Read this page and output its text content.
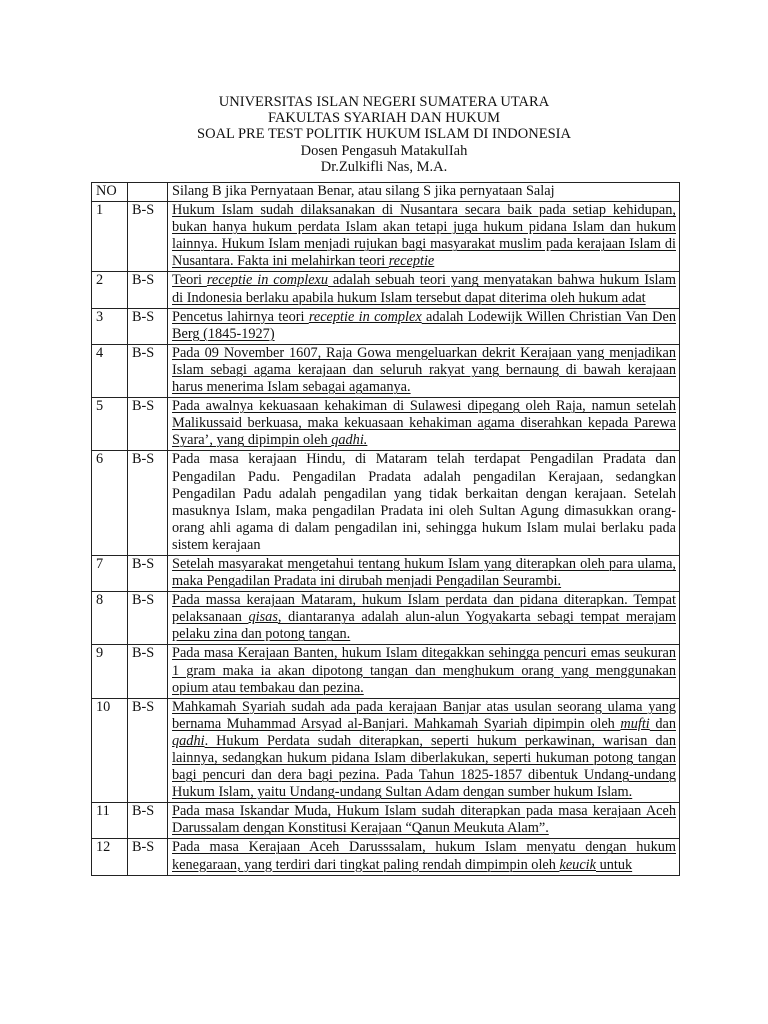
UNIVERSITAS ISLAN NEGERI SUMATERA UTARA
FAKULTAS SYARIAH DAN HUKUM
SOAL PRE TEST POLITIK HUKUM ISLAM DI INDONESIA
Dosen Pengasuh MatakulIah
Dr.Zulkifli Nas, M.A.
NO		Silang B jika Pernyataan Benar, atau silang S jika pernyataan Salaj
1	B-S	Hukum Islam sudah dilaksanakan di Nusantara secara baik pada setiap kehidupan, bukan hanya hukum perdata Islam akan tetapi juga hukum pidana Islam dan hukum lainnya. Hukum Islam menjadi rujukan bagi masyarakat muslim pada kerajaan Islam di Nusantara. Fakta ini melahirkan teori receptie
2	B-S	Teori receptie in complexu adalah sebuah teori yang menyatakan bahwa hukum Islam di Indonesia berlaku apabila hukum Islam tersebut dapat diterima oleh hukum adat
3	B-S	Pencetus lahirnya teori receptie in complex adalah Lodewijk Willen Christian Van Den Berg (1845-1927)
4	B-S	Pada 09 November 1607, Raja Gowa mengeluarkan dekrit Kerajaan yang menjadikan Islam sebagi agama kerajaan dan seluruh rakyat yang bernaung di bawah kerajaan harus menerima Islam sebagai agamanya.
5	B-S	Pada awalnya kekuasaan kehakiman di Sulawesi dipegang oleh Raja, namun setelah Malikussaid berkuasa, maka kekuasaan kehakiman agama diserahkan kepada Parewa Syara’, yang dipimpin oleh qadhi.
6	B-S	Pada masa kerajaan Hindu, di Mataram telah terdapat Pengadilan Pradata dan Pengadilan Padu. Pengadilan Pradata adalah pengadilan Kerajaan, sedangkan Pengadilan Padu adalah pengadilan yang tidak berkaitan dengan kerajaan. Setelah masuknya Islam, maka pengadilan Pradata ini oleh Sultan Agung dimasukkan orang-orang ahli agama di dalam pengadilan ini, sehingga hukum Islam mulai berlaku pada sistem kerajaan
7	B-S	Setelah masyarakat mengetahui tentang hukum Islam yang diterapkan oleh para ulama, maka Pengadilan Pradata ini dirubah menjadi Pengadilan Seurambi.
8	B-S	Pada massa kerajaan Mataram, hukum Islam perdata dan pidana diterapkan. Tempat pelaksanaan qisas, diantaranya adalah alun-alun Yogyakarta sebagi tempat merajam pelaku zina dan potong tangan.
9	B-S	Pada masa Kerajaan Banten, hukum Islam ditegakkan sehingga pencuri emas seukuran 1 gram maka ia akan dipotong tangan dan menghukum orang yang menggunakan opium atau tembakau dan pezina.
10	B-S	Mahkamah Syariah sudah ada pada kerajaan Banjar atas usulan seorang ulama yang bernama Muhammad Arsyad al-Banjari. Mahkamah Syariah dipimpin oleh mufti dan qadhi. Hukum Perdata sudah diterapkan, seperti hukum perkawinan, warisan dan lainnya, sedangkan hukum pidana Islam diberlakukan, seperti hukuman potong tangan bagi pencuri dan dera bagi pezina. Pada Tahun 1825-1857 dibentuk Undang-undang Hukum Islam, yaitu Undang-undang Sultan Adam dengan sumber hukum Islam.
11	B-S	Pada masa Iskandar Muda, Hukum Islam sudah diterapkan pada masa kerajaan Aceh Darussalam dengan Konstitusi Kerajaan “Qanun Meukuta Alam”.
12	B-S	Pada masa Kerajaan Aceh Darusssalam, hukum Islam menyatu dengan hukum kenegaraan, yang terdiri dari tingkat paling rendah dimpimpin oleh keucik untuk
